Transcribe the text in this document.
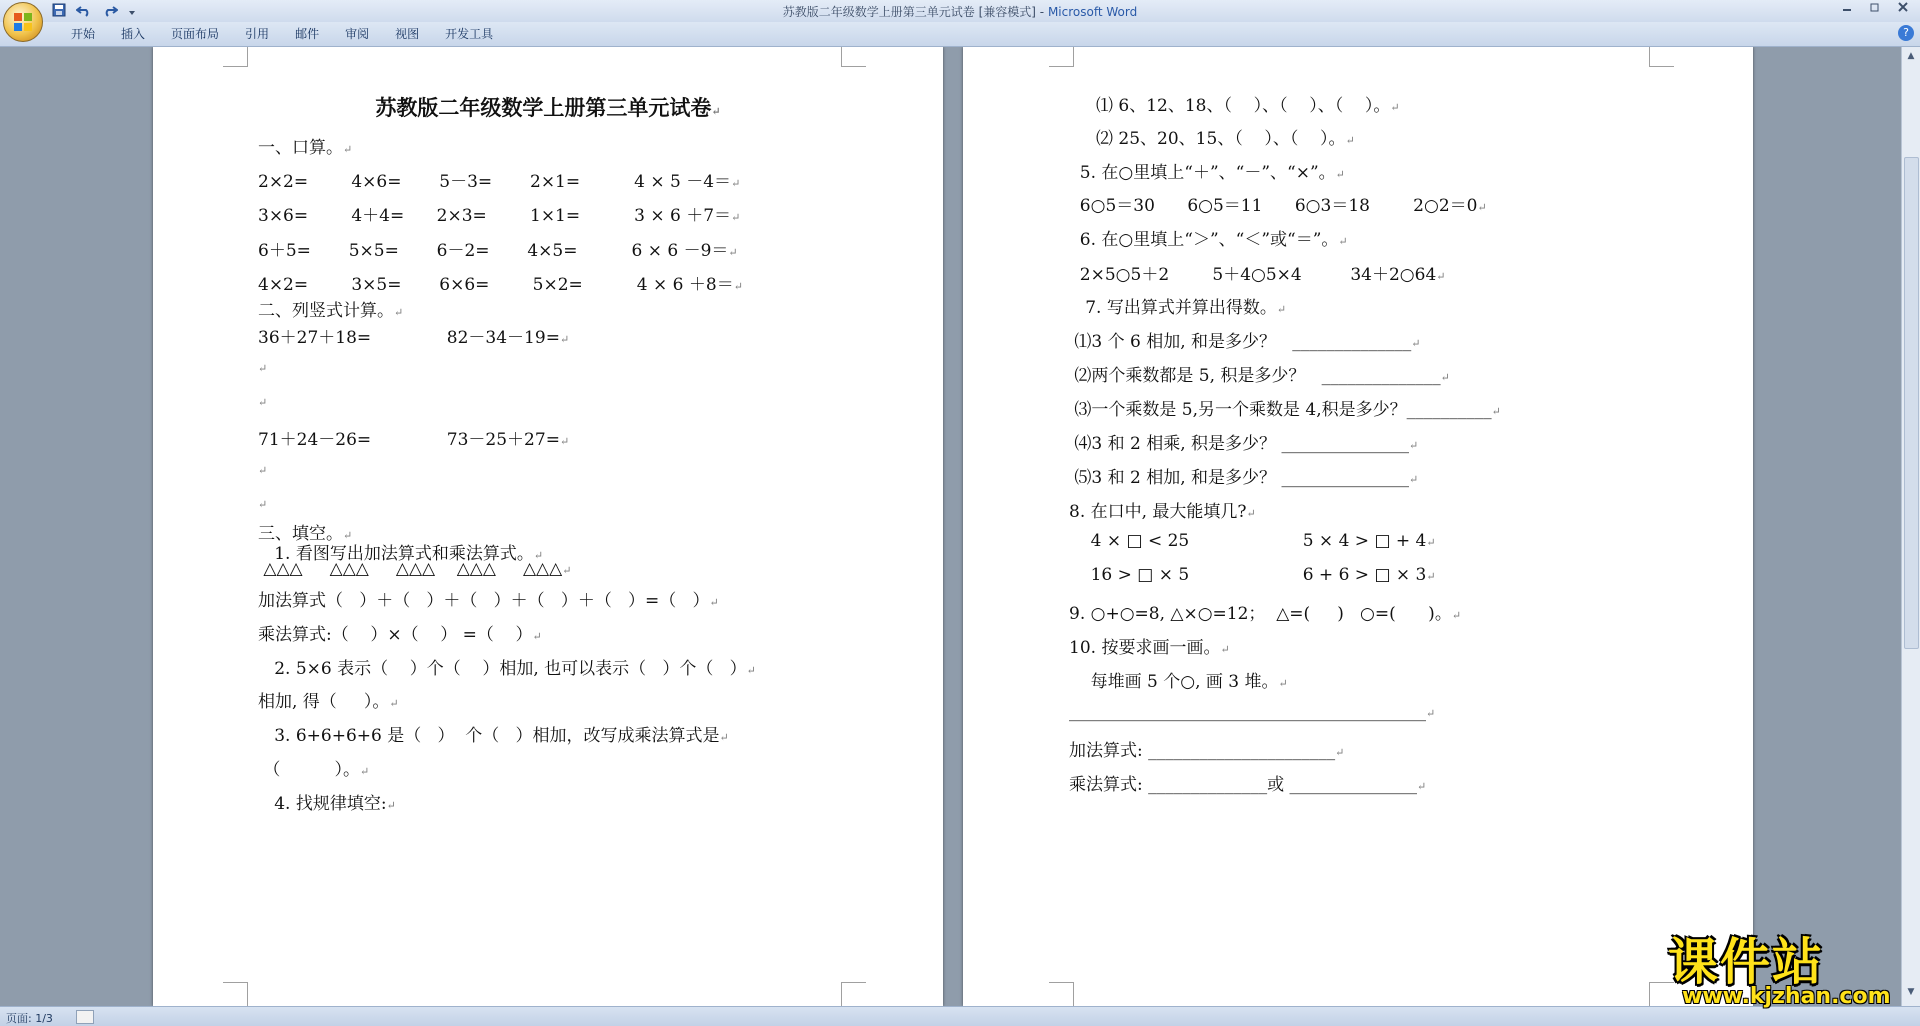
苏教版二年级数学上册第三单元试卷 [兼容模式] - Microsoft Word
开始	插入	页面布局	引用	邮件	审阅	视图	开发工具	?
苏教版二年级数学上册第三单元试卷↵
一、口算。↵
2×2=        4×6=       5－3=       2×1=          4 × 5 －4＝↵
3×6=        4＋4=      2×3=        1×1=          3 × 6 ＋7＝↵
6＋5=       5×5=       6－2=       4×5=          6 × 6 －9＝↵
4×2=        3×5=       6×6=        5×2=          4 × 6 ＋8＝↵
二、列竖式计算。↵
36＋27＋18=              82－34－19=↵
↵
↵
71＋24－26=              73－25＋27=↵
↵
↵
三、填空。↵
1. 看图写出加法算式和乘法算式。↵
△△△     △△△     △△△    △△△     △△△↵
加法算式（   ）＋（   ）＋（   ）＋（   ）＋（   ）=（   ）↵
乘法算式:（    ）×（    ） =（    ）↵
2. 5×6 表示（    ）个（    ）相加, 也可以表示（   ）个（   ）↵
相加, 得（     ）。↵
3. 6+6+6+6 是（   ）  个（   ）相加，改写成乘法算式是↵
（          ）。↵
4. 找规律填空:↵
⑴ 6、12、18、（    ）、（    ）、（    ）。↵
⑵ 25、20、15、（    ）、（    ）。↵
5. 在○里填上“＋”、“－”、“×”。↵
6○5＝30      6○5＝11      6○3＝18        2○2＝0↵
6. 在○里填上“＞”、“＜”或“＝”。↵
2×5○5＋2        5＋4○5×4         34＋2○64↵
7. 写出算式并算出得数。↵
⑴3 个 6 相加, 和是多少？   ______________↵
⑵两个乘数都是 5, 积是多少？   ______________↵
⑶一个乘数是 5,另一个乘数是 4,积是多少？__________↵
⑷3 和 2 相乘, 积是多少？ _______________↵
⑸3 和 2 相加, 和是多少？ _______________↵
8. 在口中, 最大能填几?↵
4 × □ < 25                     5 × 4 > □ + 4↵
16 > □ × 5                     6 + 6 > □ × 3↵
9. ○+○=8, △×○=12；  △=(     )   ○=(      )。↵
10. 按要求画一画。↵
每堆画 5 个○, 画 3 堆。↵
__________________________________________↵
加法算式: ______________________↵
乘法算式: ______________或 _______________↵
▲
▼
页面: 1/3
课件站
www.kjzhan.com
